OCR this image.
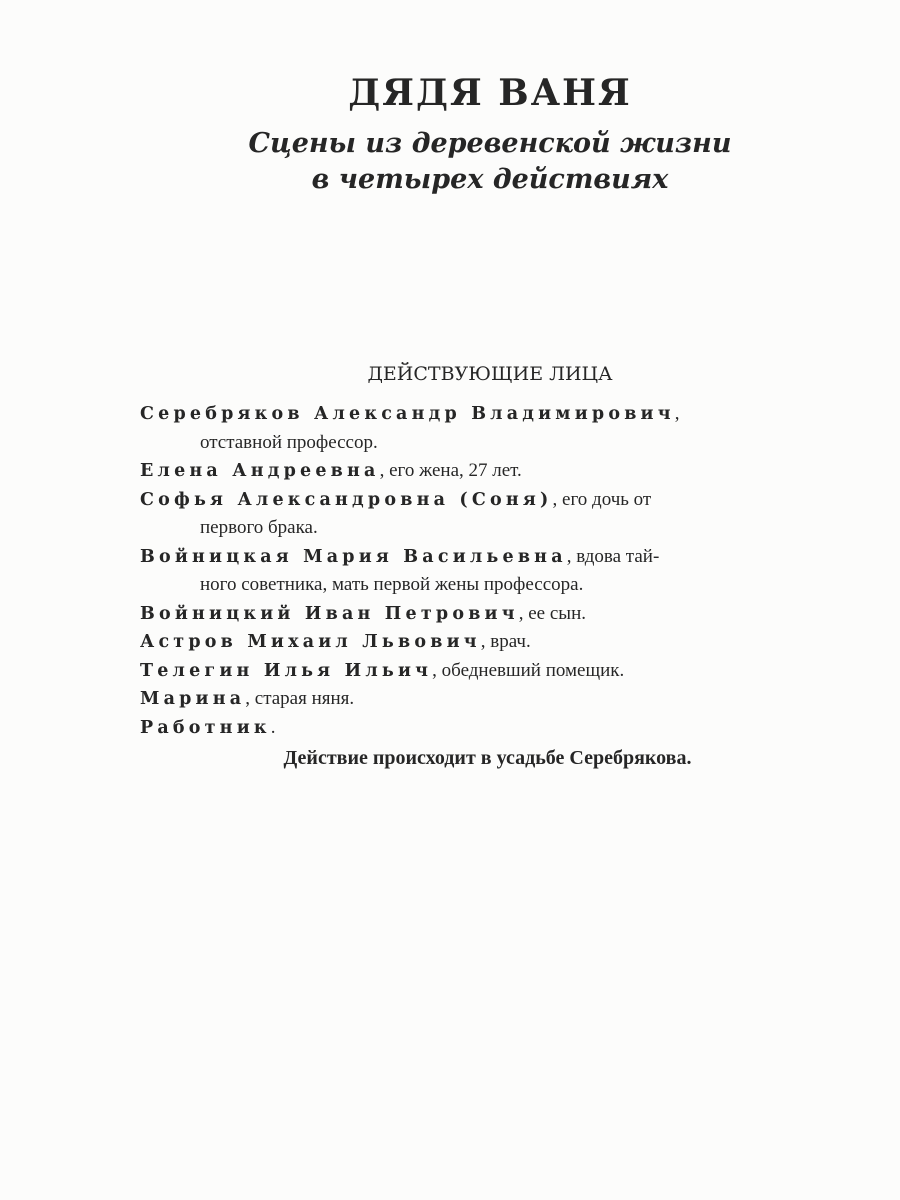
ДЯДЯ ВАНЯ
Сцены из деревенской жизни
в четырех действиях
ДЕЙСТВУЮЩИЕ ЛИЦА
Серебряков Александр Владимирович,
отставной профессор.
Елена Андреевна, его жена, 27 лет.
Софья Александровна (Соня), его дочь от
первого брака.
Войницкая Мария Васильевна, вдова тай-
ного советника, мать первой жены профессора.
Войницкий Иван Петрович, ее сын.
Астров Михаил Львович, врач.
Телегин Илья Ильич, обедневший помещик.
Марина, старая няня.
Работник.
Действие происходит в усадьбе Серебрякова.
